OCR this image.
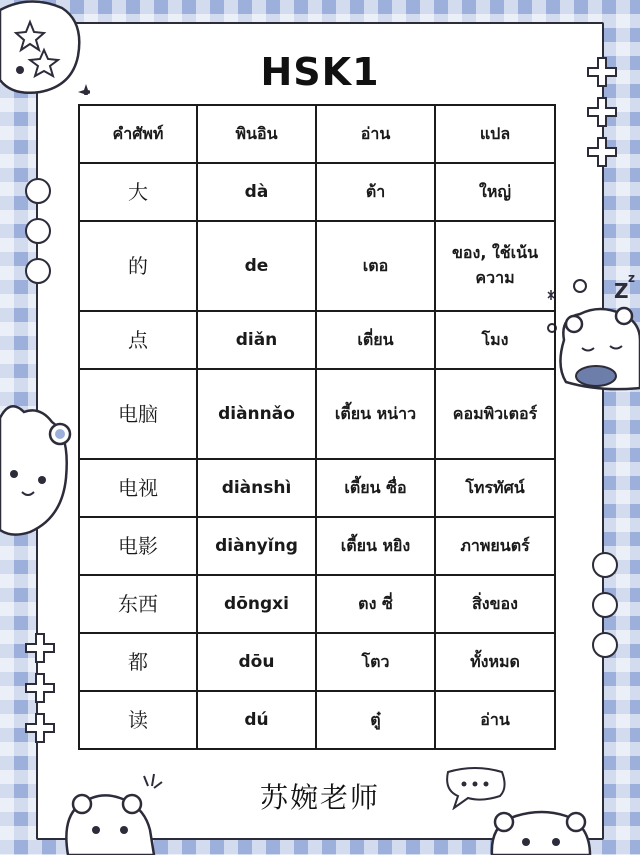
Z
z
HSK1
คำศัพท์	พินอิน	อ่าน	แปล
大	dà	ต้า	ใหญ่
的	de	เตอ	ของ, ใช้เน้นความ
点	diǎn	เตี่ยน	โมง
电脑	diànnǎo	เตี้ยน หน่าว	คอมพิวเตอร์
电视	diànshì	เตี้ยน ซื่อ	โทรทัศน์
电影	diànyǐng	เตี้ยน หยิง	ภาพยนตร์
东西	dōngxi	ตง ซี่	สิ่งของ
都	dōu	โตว	ทั้งหมด
读	dú	ตู๋	อ่าน
苏婉老师
